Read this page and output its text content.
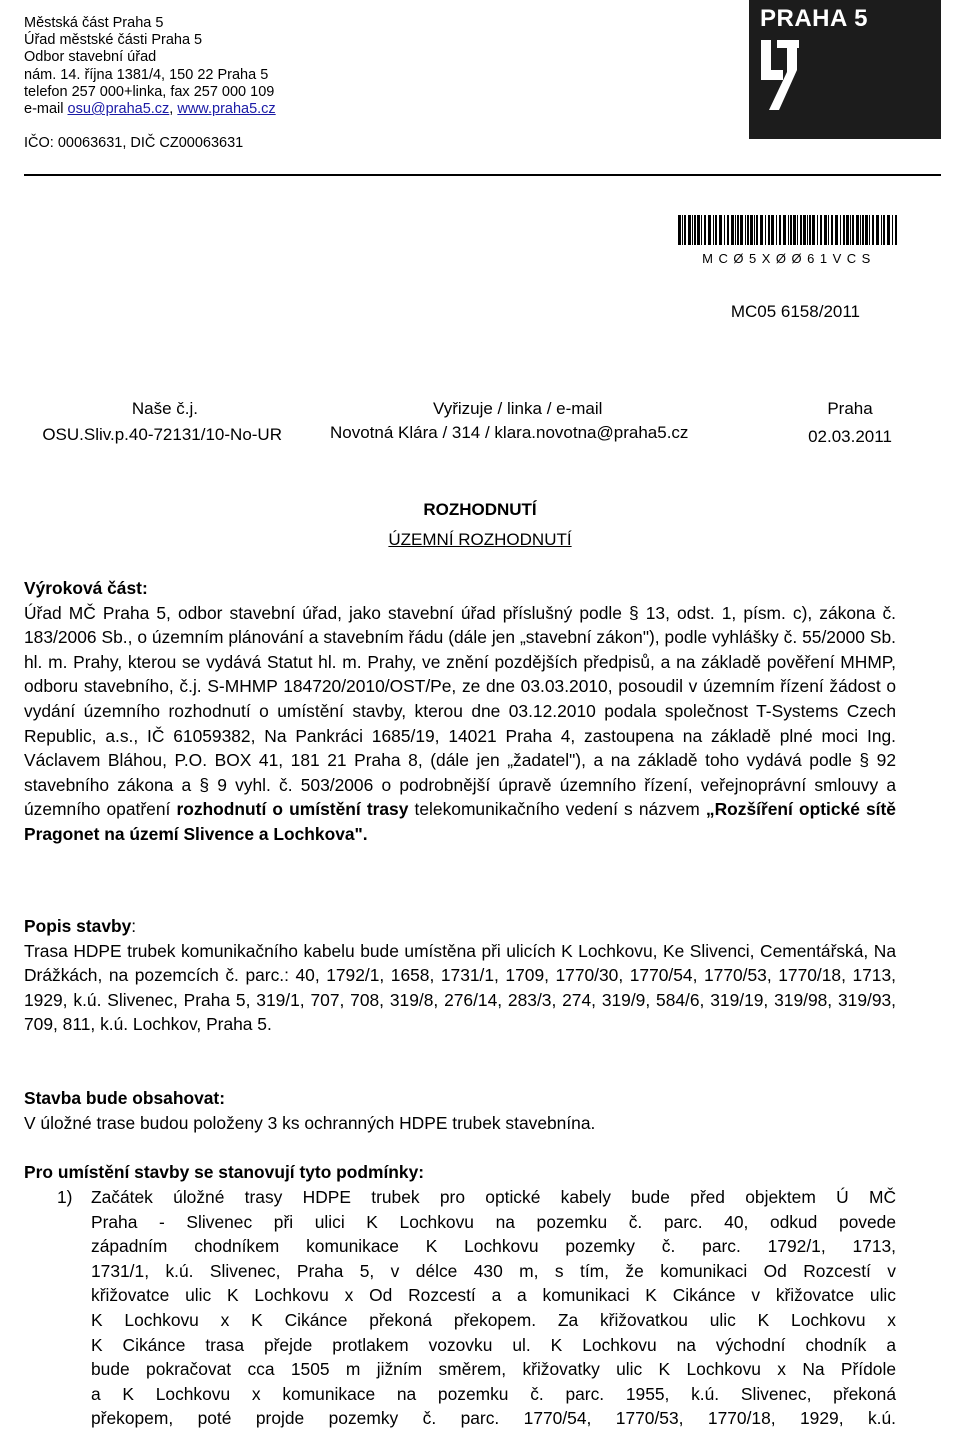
Městská část Praha 5
Úřad městské části Praha 5
Odbor stavební úřad
nám. 14. října 1381/4, 150 22 Praha 5
telefon 257 000+linka, fax 257 000 109
e-mail osu@praha5.cz, www.praha5.cz
IČO: 00063631, DIČ CZ00063631
PRAHA 5
MCØ5XØØ61VCS
MC05 6158/2011
Naše č.j.
OSU.Sliv.p.40-72131/10-No-UR
Vyřizuje / linka / e-mail
Novotná Klára / 314 / klara.novotna@praha5.cz
Praha
02.03.2011
ROZHODNUTÍ
ÚZEMNÍ ROZHODNUTÍ
Výroková část:

Úřad MČ Praha 5, odbor stavební úřad, jako stavební úřad příslušný podle § 13, odst. 1, písm. c), zákona č. 183/2006 Sb., o územním plánování a stavebním řádu (dále jen „stavební zákon"), podle vyhlášky č. 55/2000 Sb. hl. m. Prahy, kterou se vydává Statut hl. m. Prahy, ve znění pozdějších předpisů, a na základě pověření MHMP, odboru stavebního, č.j. S-MHMP 184720/2010/OST/Pe, ze dne 03.03.2010, posoudil v územním řízení žádost o vydání územního rozhodnutí o umístění stavby, kterou dne 03.12.2010 podala společnost T-Systems Czech Republic, a.s., IČ 61059382, Na Pankráci 1685/19, 14021 Praha 4, zastoupena na základě plné moci Ing. Václavem Bláhou, P.O. BOX 41, 181 21 Praha 8, (dále jen „žadatel"), a na základě toho vydává podle § 92 stavebního zákona a § 9 vyhl. č. 503/2006 o podrobnější úpravě územního řízení, veřejnoprávní smlouvy a územního opatření rozhodnutí o umístění trasy telekomunikačního vedení s názvem „Rozšíření optické sítě Pragonet na území Slivence a Lochkova".

Popis stavby:

Trasa HDPE trubek komunikačního kabelu bude umístěna při ulicích K Lochkovu, Ke Slivenci, Cementářská, Na Drážkách, na pozemcích č. parc.: 40, 1792/1, 1658, 1731/1, 1709, 1770/30, 1770/54, 1770/53, 1770/18, 1713, 1929, k.ú. Slivenec, Praha 5, 319/1, 707, 708, 319/8, 276/14, 283/3, 274, 319/9, 584/6, 319/19, 319/98, 319/93, 709, 811, k.ú. Lochkov, Praha 5.

Stavba bude obsahovat:

V úložné trase budou položeny 3 ks ochranných HDPE trubek stavebnína.

Pro umístění stavby se stanovují tyto podmínky:
1) Začátek úložné trasy HDPE trubek pro optické kabely bude před objektem Ú MČ
Praha - Slivenec při ulici K Lochkovu na pozemku č. parc. 40, odkud povede
západním chodníkem komunikace K Lochkovu pozemky č. parc. 1792/1, 1713,
1731/1, k.ú. Slivenec, Praha 5, v délce 430 m, s tím, že komunikaci Od Rozcestí v
křižovatce ulic K Lochkovu x Od Rozcestí a a komunikaci K Cikánce v křižovatce ulic
K Lochkovu x K Cikánce překoná překopem. Za křižovatkou ulic K Lochkovu x
K Cikánce trasa přejde protlakem vozovku ul. K Lochkovu na východní chodník a
bude pokračovat cca 1505 m jižním směrem, křižovatky ulic K Lochkovu x Na Přídole
a K Lochkovu x komunikace na pozemku č. parc. 1955, k.ú. Slivenec, překoná
překopem, poté projde pozemky č. parc. 1770/54, 1770/53, 1770/18, 1929, k.ú.
